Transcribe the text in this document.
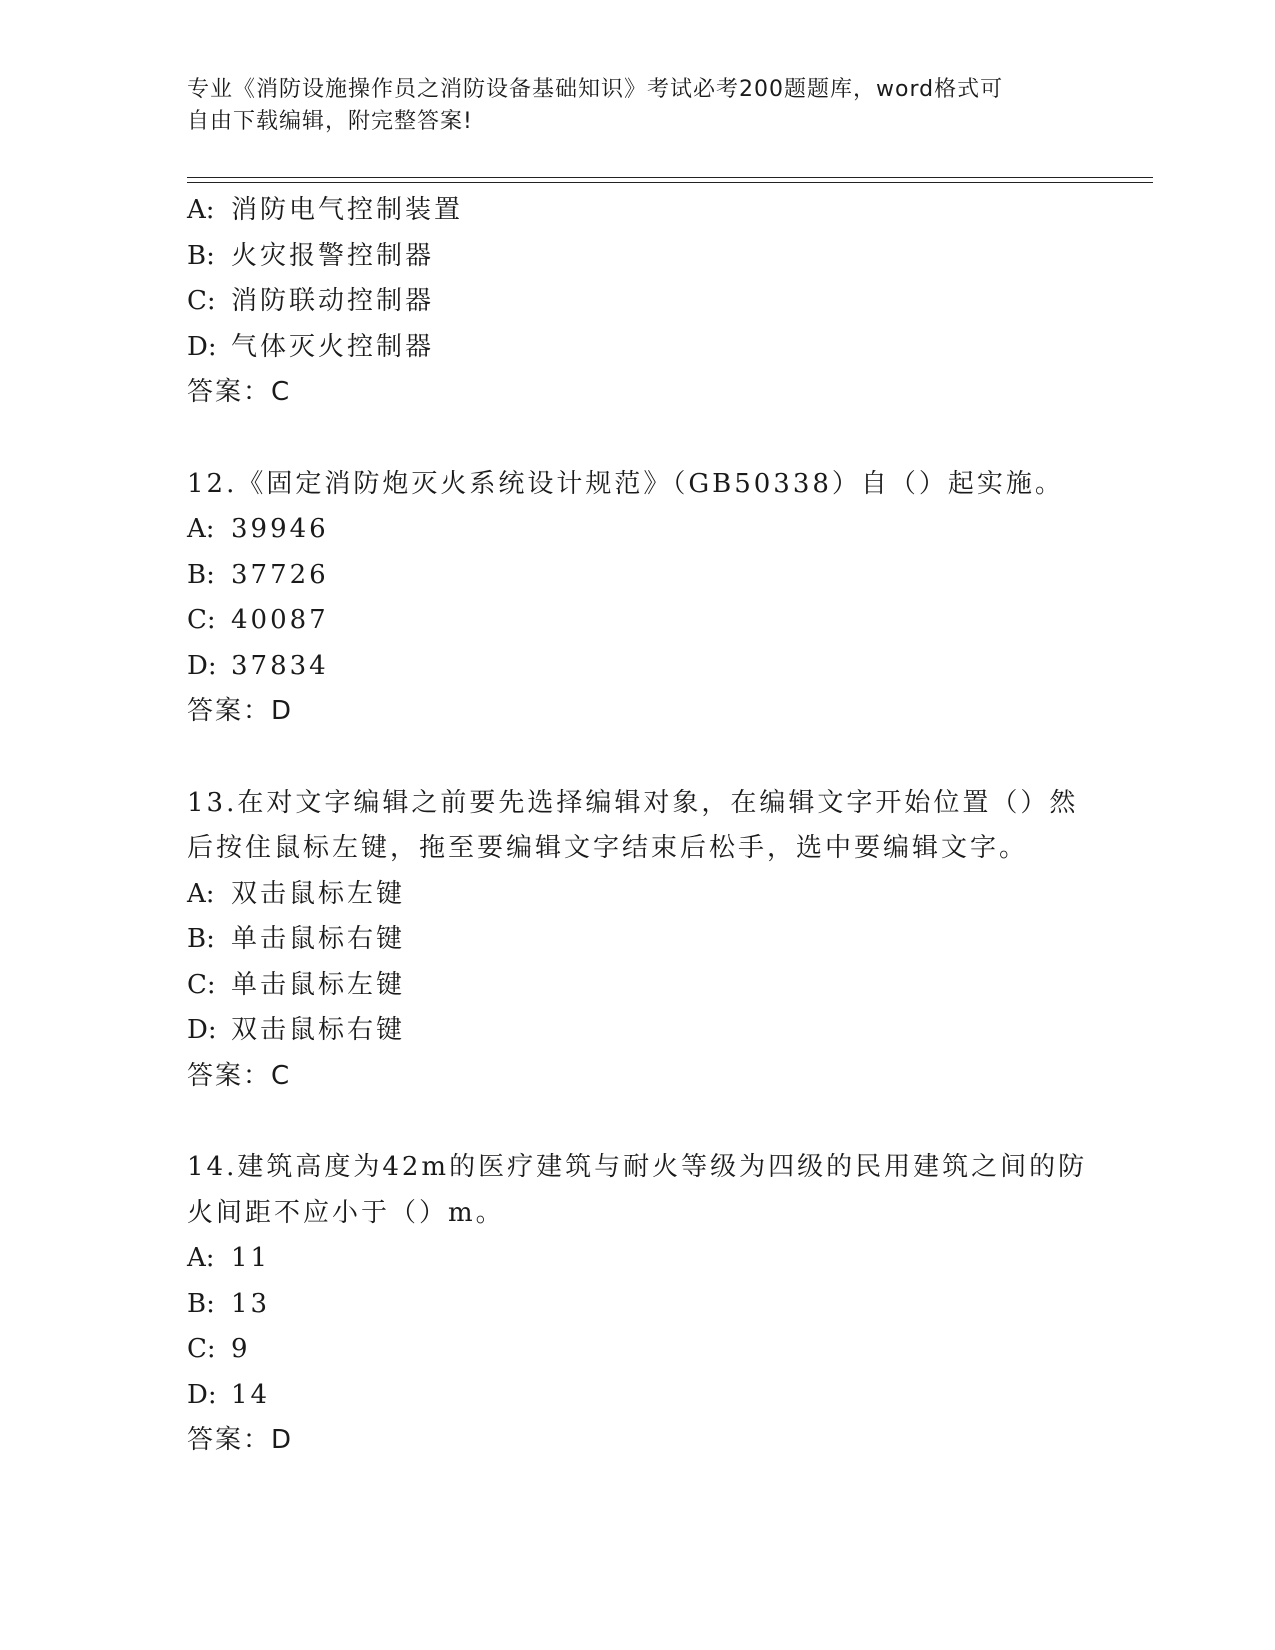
专业《消防设施操作员之消防设备基础知识》考试必考200题题库，word格式可
自由下载编辑，附完整答案!
A: 消防电气控制装置
B: 火灾报警控制器
C: 消防联动控制器
D: 气体灭火控制器
答案：C
12.《固定消防炮灭火系统设计规范》（GB50338）自（）起实施。
A: 39946
B: 37726
C: 40087
D: 37834
答案：D
13.在对文字编辑之前要先选择编辑对象，在编辑文字开始位置（）然
后按住鼠标左键，拖至要编辑文字结束后松手，选中要编辑文字。
A: 双击鼠标左键
B: 单击鼠标右键
C: 单击鼠标左键
D: 双击鼠标右键
答案：C
14.建筑高度为42m的医疗建筑与耐火等级为四级的民用建筑之间的防
火间距不应小于（）m。
A: 11
B: 13
C: 9
D: 14
答案：D
